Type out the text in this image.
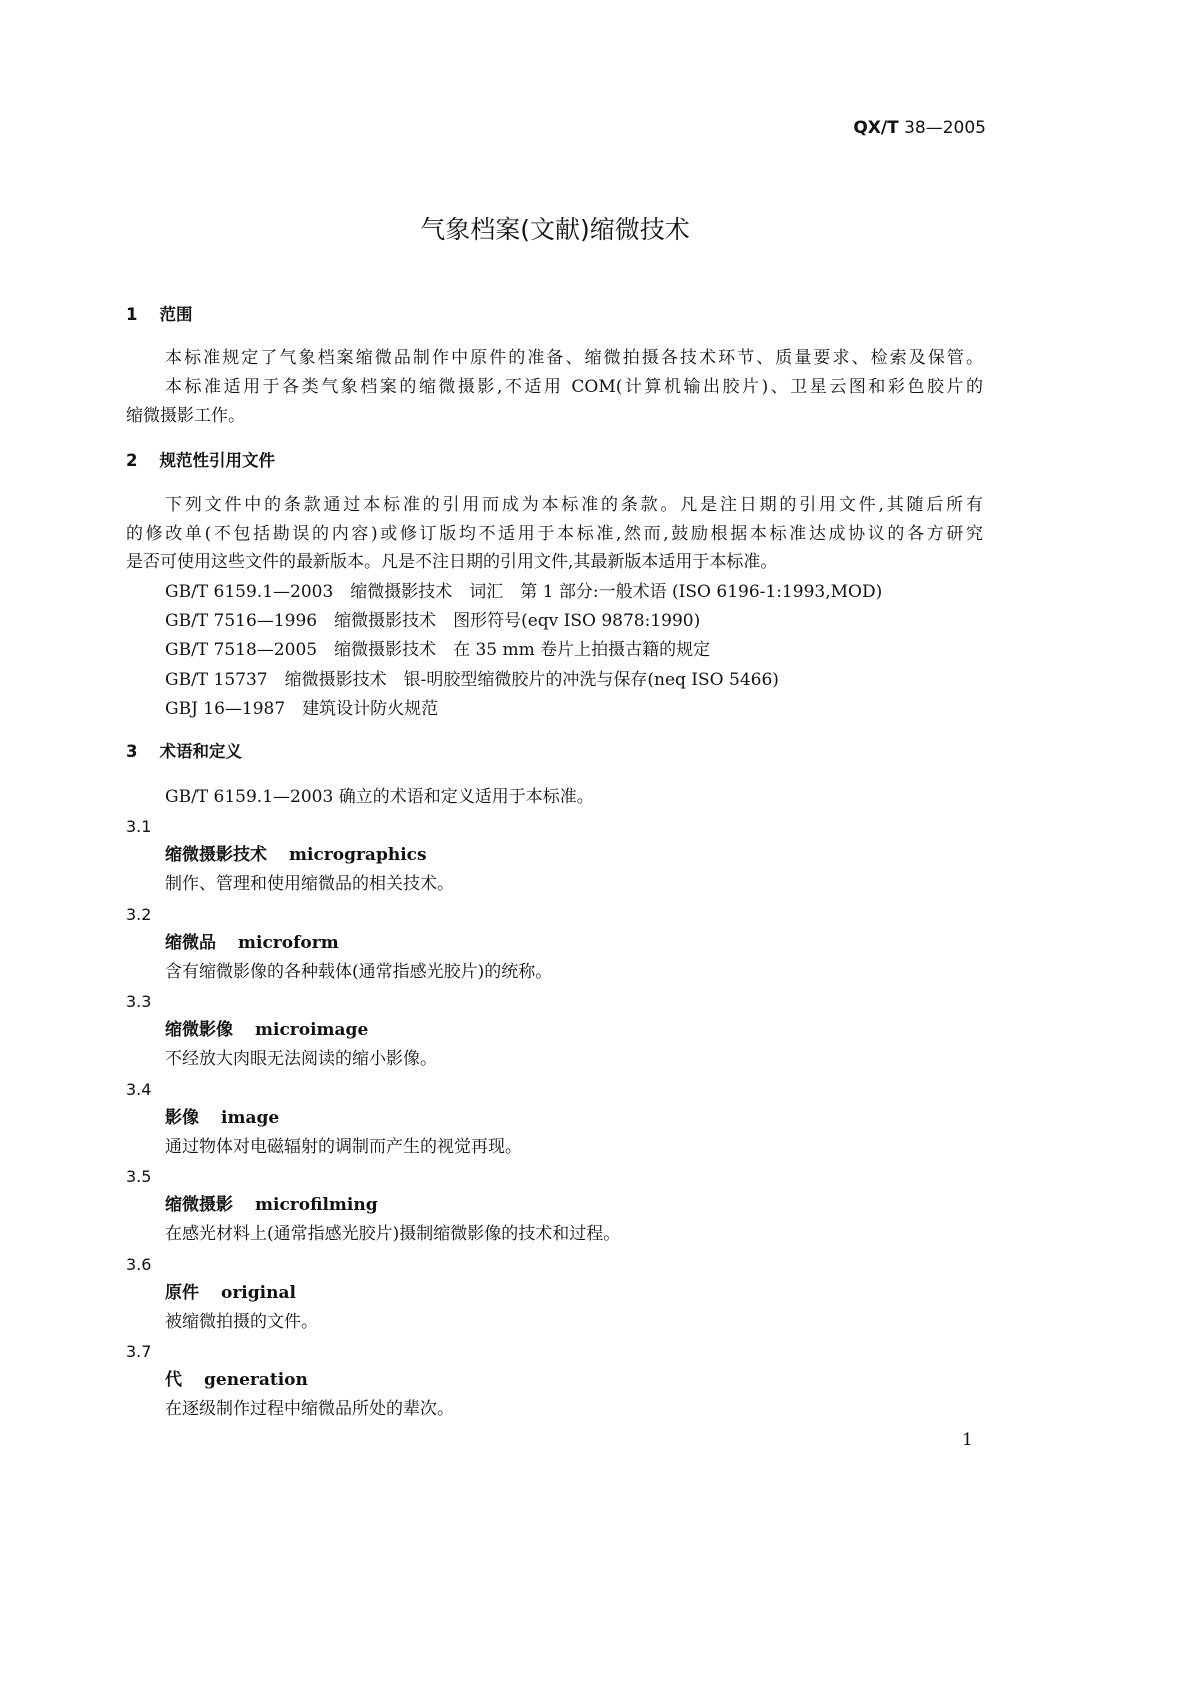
QX/T 38—2005
气象档案(文献)缩微技术
1 范围
本标准规定了气象档案缩微品制作中原件的准备、缩微拍摄各技术环节、质量要求、检索及保管。
本标准适用于各类气象档案的缩微摄影,不适用 COM(计算机输出胶片)、卫星云图和彩色胶片的
缩微摄影工作。
2 规范性引用文件
下列文件中的条款通过本标准的引用而成为本标准的条款。凡是注日期的引用文件,其随后所有
的修改单(不包括勘误的内容)或修订版均不适用于本标准,然而,鼓励根据本标准达成协议的各方研究
是否可使用这些文件的最新版本。凡是不注日期的引用文件,其最新版本适用于本标准。
GB/T 6159.1—2003　 缩微摄影技术　词汇　第 1 部分:一般术语 (ISO 6196-1:1993,MOD)
GB/T 7516—1996　 缩微摄影技术　图形符号(eqv ISO 9878:1990)
GB/T 7518—2005　 缩微摄影技术　在 35 mm 卷片上拍摄古籍的规定
GB/T 15737　 缩微摄影技术　银-明胶型缩微胶片的冲洗与保存(neq ISO 5466)
GBJ 16—1987　 建筑设计防火规范
3 术语和定义
GB/T 6159.1—2003 确立的术语和定义适用于本标准。
3.1
缩微摄影技术 micrographics
制作、管理和使用缩微品的相关技术。
3.2
缩微品 microform
含有缩微影像的各种载体(通常指感光胶片)的统称。
3.3
缩微影像 microimage
不经放大肉眼无法阅读的缩小影像。
3.4
影像 image
通过物体对电磁辐射的调制而产生的视觉再现。
3.5
缩微摄影 microfilming
在感光材料上(通常指感光胶片)摄制缩微影像的技术和过程。
3.6
原件 original
被缩微拍摄的文件。
3.7
代 generation
在逐级制作过程中缩微品所处的辈次。
1
